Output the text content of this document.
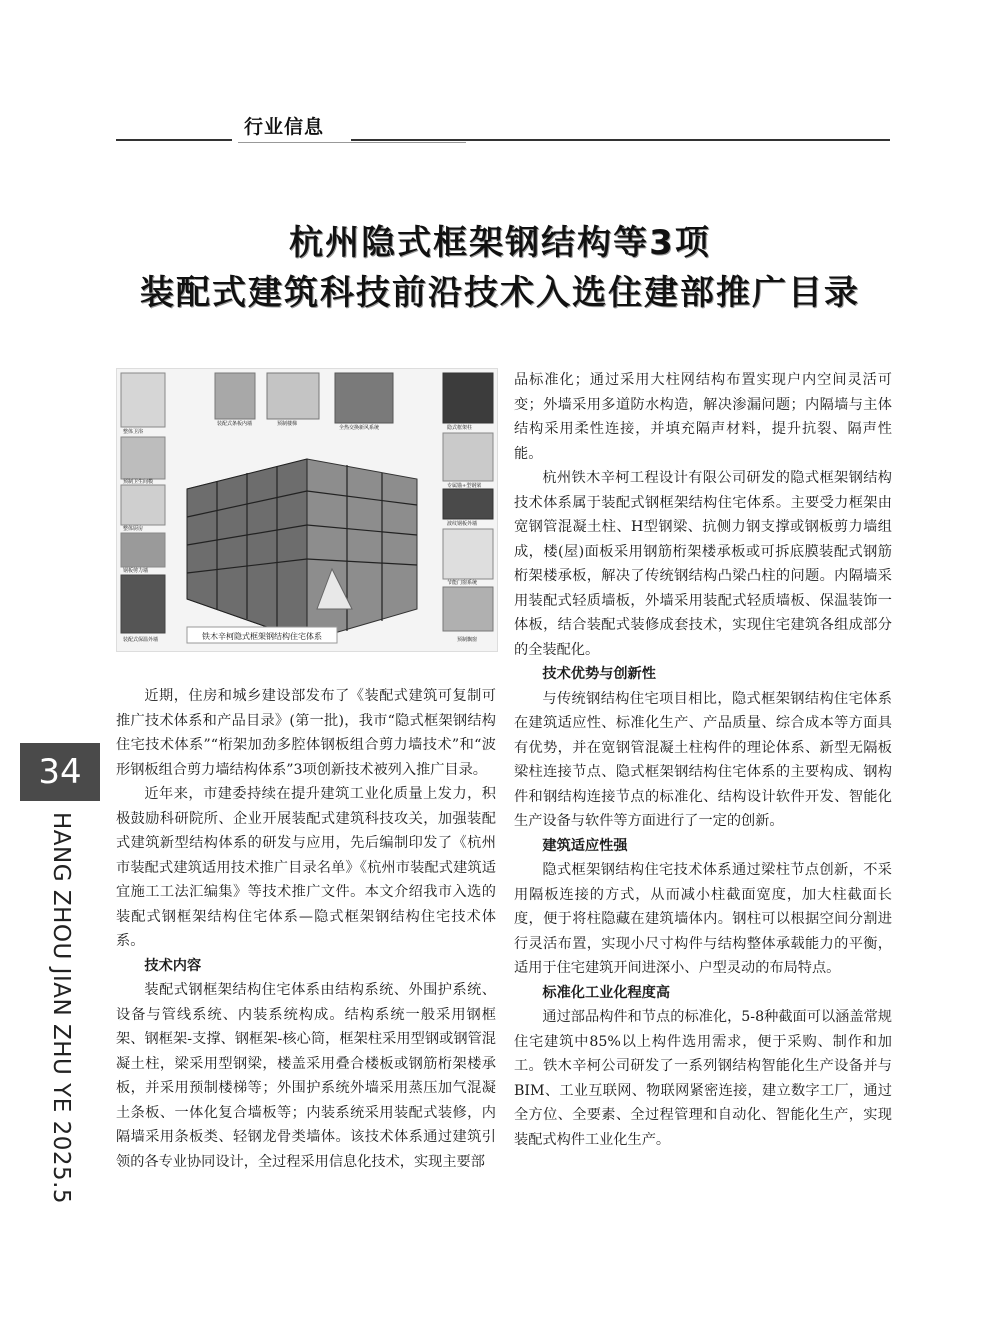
行业信息
杭州隐式框架钢结构等3项
装配式建筑科技前沿技术入选住建部推广目录
铁木辛柯隐式框架钢结构住宅体系
整体卫浴
装配式条板内墙	预制楼梯
全热交换新风系统	隐式框架柱
预制卫生间模
专属锚+型钢梁
整体厨房
波纹钢板外墙
钢板剪力墙
节能门窗系统
装配式保温外墙	预制飘窗

近期，住房和城乡建设部发布了《装配式建筑可复制可推广技术体系和产品目录》(第一批)，我市“隐式框架钢结构住宅技术体系”“桁架加劲多腔体钢板组合剪力墙技术”和“波形钢板组合剪力墙结构体系”3项创新技术被列入推广目录。

近年来，市建委持续在提升建筑工业化质量上发力，积极鼓励科研院所、企业开展装配式建筑科技攻关，加强装配式建筑新型结构体系的研发与应用，先后编制印发了《杭州市装配式建筑适用技术推广目录名单》《杭州市装配式建筑适宜施工工法汇编集》等技术推广文件。本文介绍我市入选的装配式钢框架结构住宅体系—隐式框架钢结构住宅技术体系。

技术内容

装配式钢框架结构住宅体系由结构系统、外围护系统、设备与管线系统、内装系统构成。结构系统一般采用钢框架、钢框架-支撑、钢框架-核心筒，框架柱采用型钢或钢管混凝土柱，梁采用型钢梁，楼盖采用叠合楼板或钢筋桁架楼承板，并采用预制楼梯等；外围护系统外墙采用蒸压加气混凝土条板、一体化复合墙板等；内装系统采用装配式装修，内隔墙采用条板类、轻钢龙骨类墙体。该技术体系通过建筑引领的各专业协同设计，全过程采用信息化技术，实现主要部

品标准化；通过采用大柱网结构布置实现户内空间灵活可变；外墙采用多道防水构造，解决渗漏问题；内隔墙与主体结构采用柔性连接，并填充隔声材料，提升抗裂、隔声性能。

杭州铁木辛柯工程设计有限公司研发的隐式框架钢结构技术体系属于装配式钢框架结构住宅体系。主要受力框架由宽钢管混凝土柱、H型钢梁、抗侧力钢支撑或钢板剪力墙组成，楼(屋)面板采用钢筋桁架楼承板或可拆底膜装配式钢筋桁架楼承板，解决了传统钢结构凸梁凸柱的问题。内隔墙采用装配式轻质墙板，外墙采用装配式轻质墙板、保温装饰一体板，结合装配式装修成套技术，实现住宅建筑各组成部分的全装配化。

技术优势与创新性

与传统钢结构住宅项目相比，隐式框架钢结构住宅体系在建筑适应性、标准化生产、产品质量、综合成本等方面具有优势，并在宽钢管混凝土柱构件的理论体系、新型无隔板梁柱连接节点、隐式框架钢结构住宅体系的主要构成、钢构件和钢结构连接节点的标准化、结构设计软件开发、智能化生产设备与软件等方面进行了一定的创新。

建筑适应性强

隐式框架钢结构住宅技术体系通过梁柱节点创新，不采用隔板连接的方式，从而减小柱截面宽度，加大柱截面长度，便于将柱隐藏在建筑墙体内。钢柱可以根据空间分割进行灵活布置，实现小尺寸构件与结构整体承载能力的平衡，适用于住宅建筑开间进深小、户型灵动的布局特点。

标准化工业化程度高

通过部品构件和节点的标准化，5-8种截面可以涵盖常规住宅建筑中85%以上构件选用需求，便于采购、制作和加工。铁木辛柯公司研发了一系列钢结构智能化生产设备并与BIM、工业互联网、物联网紧密连接，建立数字工厂，通过全方位、全要素、全过程管理和自动化、智能化生产，实现装配式构件工业化生产。

34
HANG ZHOU JIAN ZHU YE 2025.5
